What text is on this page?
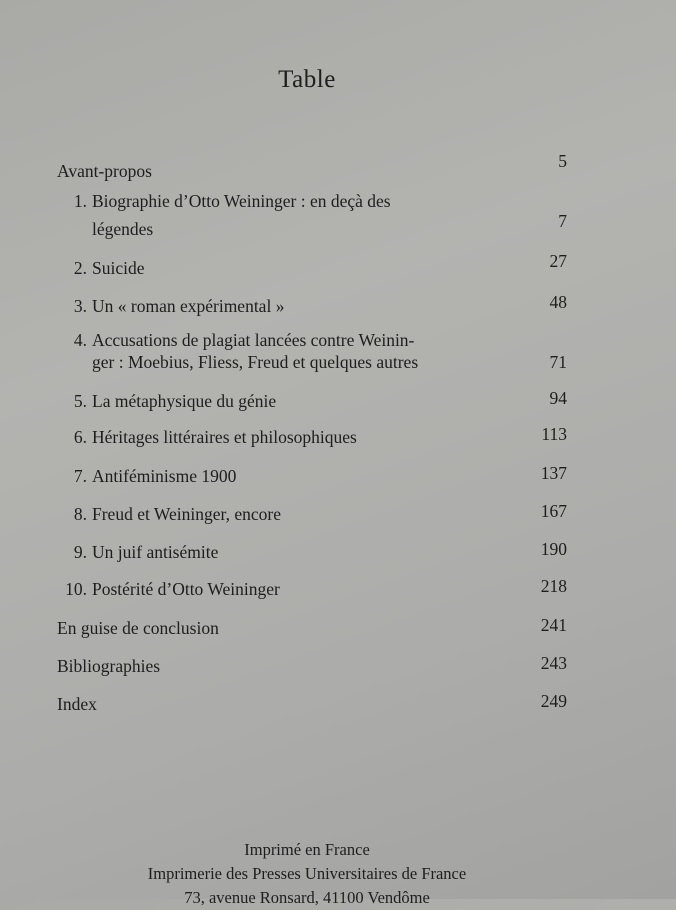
Table
Avant-propos	5
1. Biographie d’Otto Weininger : en deçà des
légendes	7
2. Suicide	27
3. Un « roman expérimental »	48
4. Accusations de plagiat lancées contre Weinin-
ger : Moebius, Fliess, Freud et quelques autres	71
5. La métaphysique du génie	94
6. Héritages littéraires et philosophiques	113
7. Antiféminisme 1900	137
8. Freud et Weininger, encore	167
9. Un juif antisémite	190
10. Postérité d’Otto Weininger	218
En guise de conclusion	241
Bibliographies	243
Index	249
Imprimé en France
Imprimerie des Presses Universitaires de France
73, avenue Ronsard, 41100 Vendôme
